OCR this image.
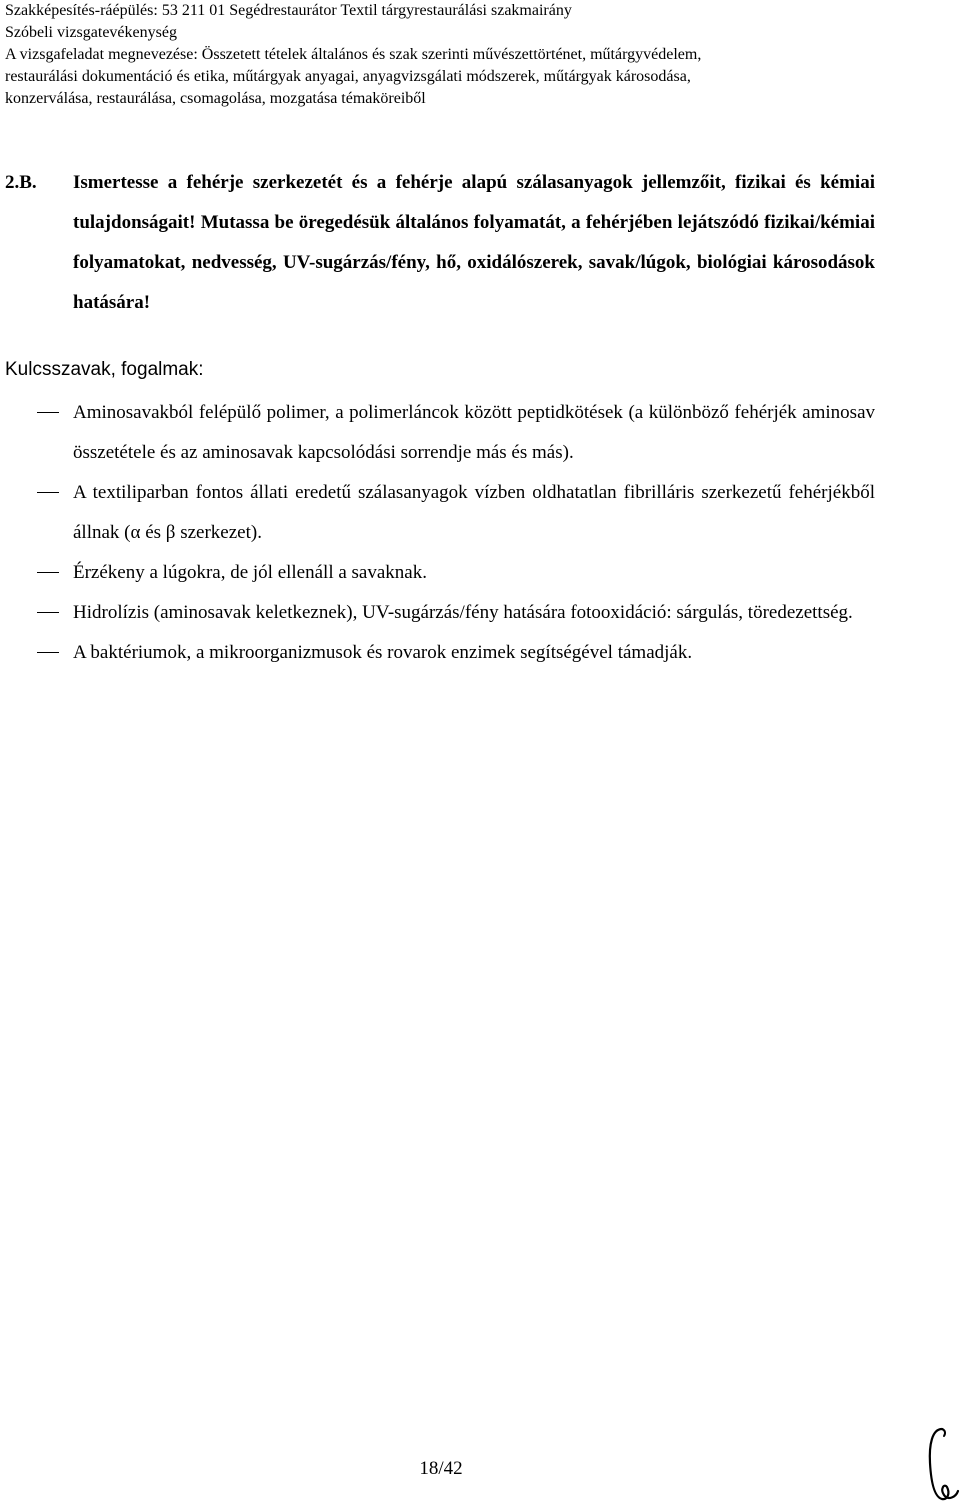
Szakképesítés-ráépülés: 53 211 01 Segédrestaurátor Textil tárgyrestaurálási szakmairány
Szóbeli vizsgatevékenység
A vizsgafeladat megnevezése: Összetett tételek általános és szak szerinti művészettörténet, műtárgyvédelem,
restaurálási dokumentáció és etika, műtárgyak anyagai, anyagvizsgálati módszerek, műtárgyak károsodása,
konzerválása, restaurálása, csomagolása, mozgatása témaköreiből
2.B. Ismertesse a fehérje szerkezetét és a fehérje alapú szálasanyagok jellemzőit, fizikai és kémiai tulajdonságait! Mutassa be öregedésük általános folyamatát, a fehérjében lejátszódó fizikai/kémiai folyamatokat, nedvesség, UV-sugárzás/fény, hő, oxidálószerek, savak/lúgok, biológiai károsodások hatására!
Kulcsszavak, fogalmak:
Aminosavakból felépülő polimer, a polimerláncok között peptidkötések (a különböző fehérjék aminosav összetétele és az aminosavak kapcsolódási sorrendje más és más).
A textiliparban fontos állati eredetű szálasanyagok vízben oldhatatlan fibrilláris szerkezetű fehérjékből állnak (α és β szerkezet).
Érzékeny a lúgokra, de jól ellenáll a savaknak.
Hidrolízis (aminosavak keletkeznek), UV-sugárzás/fény hatására fotooxidáció: sárgulás, töredezettség.
A baktériumok, a mikroorganizmusok és rovarok enzimek segítségével támadják.
18/42
